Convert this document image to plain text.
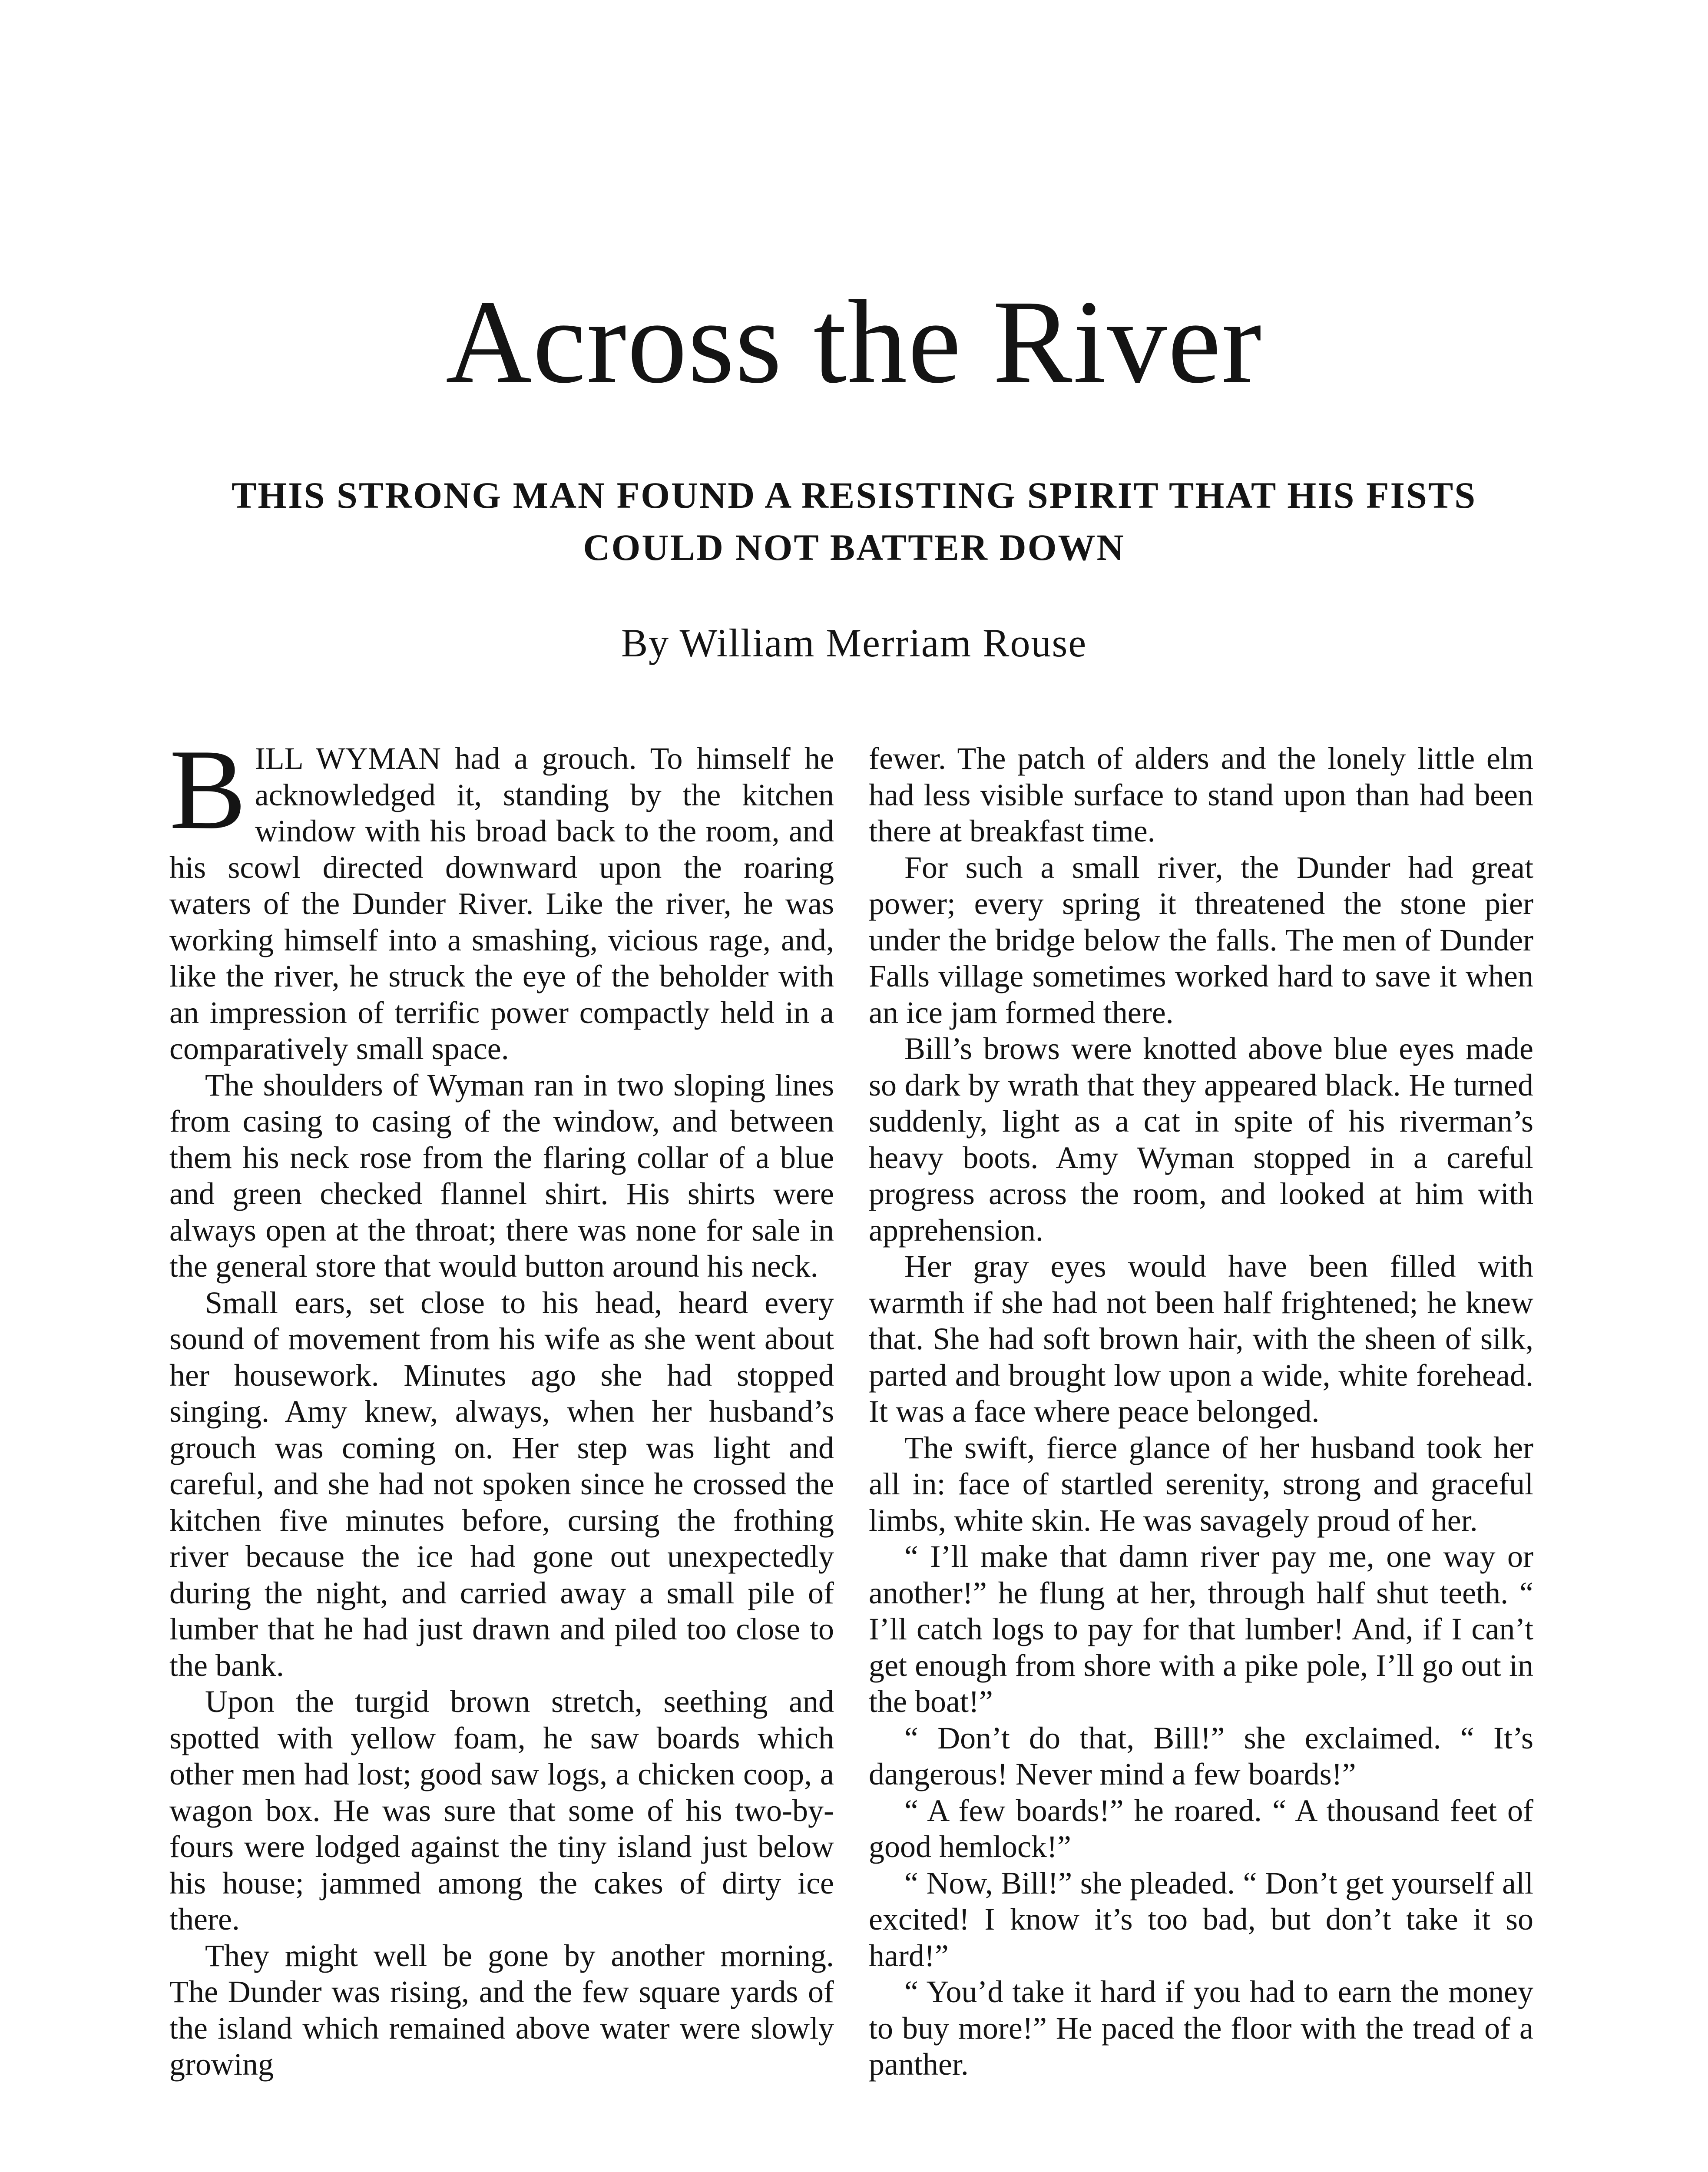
Across the River
THIS STRONG MAN FOUND A RESISTING SPIRIT THAT HIS FISTS COULD NOT BATTER DOWN

By William Merriam Rouse

BILL WYMAN had a grouch. To himself he acknowledged it, standing by the kitchen window with his broad back to the room, and his scowl directed downward upon the roaring waters of the Dunder River. Like the river, he was working himself into a smashing, vicious rage, and, like the river, he struck the eye of the beholder with an impression of terrific power compactly held in a comparatively small space.

The shoulders of Wyman ran in two sloping lines from casing to casing of the window, and between them his neck rose from the flaring collar of a blue and green checked flannel shirt. His shirts were always open at the throat; there was none for sale in the general store that would button around his neck.

Small ears, set close to his head, heard every sound of movement from his wife as she went about her housework. Minutes ago she had stopped singing. Amy knew, always, when her husband’s grouch was coming on. Her step was light and careful, and she had not spoken since he crossed the kitchen five minutes before, cursing the frothing river because the ice had gone out unexpectedly during the night, and carried away a small pile of lumber that he had just drawn and piled too close to the bank.

Upon the turgid brown stretch, seething and spotted with yellow foam, he saw boards which other men had lost; good saw logs, a chicken coop, a wagon box. He was sure that some of his two-by-fours were lodged against the tiny island just below his house; jammed among the cakes of dirty ice there.

They might well be gone by another morning. The Dunder was rising, and the few square yards of the island which remained above water were slowly growing

fewer. The patch of alders and the lonely little elm had less visible surface to stand upon than had been there at breakfast time.

For such a small river, the Dunder had great power; every spring it threatened the stone pier under the bridge below the falls. The men of Dunder Falls village sometimes worked hard to save it when an ice jam formed there.

Bill’s brows were knotted above blue eyes made so dark by wrath that they appeared black. He turned suddenly, light as a cat in spite of his riverman’s heavy boots. Amy Wyman stopped in a careful progress across the room, and looked at him with apprehension.

Her gray eyes would have been filled with warmth if she had not been half frightened; he knew that. She had soft brown hair, with the sheen of silk, parted and brought low upon a wide, white forehead. It was a face where peace belonged.

The swift, fierce glance of her husband took her all in: face of startled serenity, strong and graceful limbs, white skin. He was savagely proud of her.

“ I’ll make that damn river pay me, one way or another!” he flung at her, through half shut teeth. “ I’ll catch logs to pay for that lumber! And, if I can’t get enough from shore with a pike pole, I’ll go out in the boat!”

“ Don’t do that, Bill!” she exclaimed. “ It’s dangerous! Never mind a few boards!”

“ A few boards!” he roared. “ A thousand feet of good hemlock!”

“ Now, Bill!” she pleaded. “ Don’t get yourself all excited! I know it’s too bad, but don’t take it so hard!”

“ You’d take it hard if you had to earn the money to buy more!” He paced the floor with the tread of a panther.
